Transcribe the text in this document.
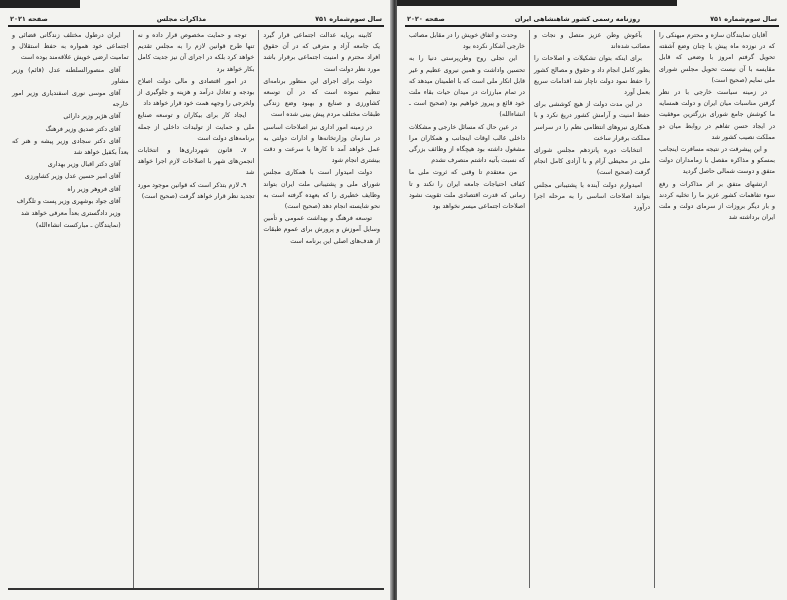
سال سوم‌شماره ۷۵۱
مذاکرات مجلس
صفحه ۲۰۲۱

کابینه برپایه عدالت اجتماعی قرار گیرد یک جامعه آزاد و مترقی که در آن حقوق افراد محترم و امنیت اجتماعی برقرار باشد مورد نظر دولت است

دولت برای اجرای این منظور برنامه‌ای تنظیم نموده است که در آن توسعه کشاورزی و صنایع و بهبود وضع زندگی طبقات مختلف مردم پیش بینی شده است

در زمینه امور اداری نیز اصلاحات اساسی در سازمان وزارتخانه‌ها و ادارات دولتی به عمل خواهد آمد تا کارها با سرعت و دقت بیشتری انجام شود

دولت امیدوار است با همکاری مجلس شورای ملی و پشتیبانی ملت ایران بتواند وظایف خطیری را که بعهده گرفته است به نحو شایسته انجام دهد (صحیح است)

توسعه فرهنگ و بهداشت عمومی و تأمین وسایل آموزش و پرورش برای عموم طبقات از هدف‌های اصلی این برنامه است

توجه و حمایت مخصوص قرار داده و نه تنها طرح قوانین لازم را به مجلس تقدیم خواهد کرد بلکه در اجرای آن نیز جدیت کامل بکار خواهد برد

در امور اقتصادی و مالی دولت اصلاح بودجه و تعادل درآمد و هزینه و جلوگیری از ولخرجی را وجهه همت خود قرار خواهد داد

ایجاد کار برای بیکاران و توسعه صنایع ملی و حمایت از تولیدات داخلی از جمله برنامه‌های دولت است

۷ـ قانون شهرداری‌ها و انتخابات انجمن‌های شهر با اصلاحات لازم اجرا خواهد شد

۹ـ لازم بتذکر است که قوانین موجود مورد تجدید نظر قرار خواهد گرفت (صحیح است)

ایران درطول مختلف زندگانی قضائی و اجتماعی خود همواره به حفظ استقلال و تمامیت ارضی خویش علاقه‌مند بوده است

آقای منصورالسلطنه عدل (قائم) وزیر مشاور

آقای موسی نوری اسفندیاری وزیر امور خارجه

آقای هژیر وزیر دارائی

آقای دکتر صدیق وزیر فرهنگ

آقای دکتر سجادی وزیر پیشه و هنر که بعداً بکفیل خواهد شد

آقای دکتر اقبال وزیر بهداری

آقای امیر حسین عدل وزیر کشاورزی

آقای فروهر وزیر راه

آقای جواد بوشهری وزیر پست و تلگراف

وزیر دادگستری بعداً معرفی خواهد شد

(نمایندگان ـ مبارکست انشاءالله)

سال سوم‌شماره ۷۵۱
روزنامه رسمی کشور شاهنشاهی ایران
صفحه ۲۰۲۰

آقایان نمایندگان سازه و محترم میهنکی را که در نوزده ماه پیش با چنان وضع آشفته تحویل گرفتم امروز با وضعی که قابل مقایسه با آن نیست تحویل مجلس شورای ملی نمایم (صحیح است)

در زمینه سیاست خارجی با در نظر گرفتن مناسبات میان ایران و دولت همسایه ما کوشش جامع شورای بزرگترین موفقیت در ایجاد حسن تفاهم در روابط میان دو مملکت نصیب کشور شد

و این پیشرفت در نتیجه مسافرت اینجانب بمسکو و مذاکره مفصل با زمامداران دولت متفق و دوست شمالی حاصل گردید

ارتشهای متفق بر اثر مذاکرات و رفع سوء تفاهمات کشور عزیز ما را تخلیه کردند و بار دیگر بروزات از سرمای دولت و ملت ایران برداشته شد

بآغوش وطن عزیز متصل و نجات و مصائب شده‌اند

برای اینکه بتوان تشکیلات و اصلاحات را بطور کامل انجام داد و حقوق و مصالح کشور را حفظ نمود دولت ناچار شد اقدامات سریع بعمل آورد

در این مدت دولت از هیچ کوششی برای حفظ امنیت و آرامش کشور دریغ نکرد و با همکاری نیروهای انتظامی نظم را در سراسر مملکت برقرار ساخت

انتخابات دوره پانزدهم مجلس شورای ملی در محیطی آرام و با آزادی کامل انجام گرفت (صحیح است)

امیدوارم دولت آینده با پشتیبانی مجلس بتواند اصلاحات اساسی را به مرحله اجرا درآورد

وحدت و اتفاق خویش را در مقابل مصائب خارجی آشکار نکرده بود

این تجلی روح وطن‌پرستی دنیا را به تحسین واداشت و همین نیروی عظیم و غیر قابل انکار ملی است که با اطمینان میدهد که در تمام مبارزات در میدان حیات بقاء ملت خود قائع و پیروز خواهیم بود (صحیح است ـ انشاءالله)

در عین حال که مسائل خارجی و مشکلات داخلی غالب اوقات اینجانب و همکاران مرا مشغول داشته بود هیچگاه از وظائف بزرگی که نسبت بآتیه داشتم منصرف نشدم

من معتقدم تا وقتی که ثروت ملی ما کفاف احتیاجات جامعه ایران را نکند و تا زمانی که قدرت اقتصادی ملت تقویت نشود اصلاحات اجتماعی میسر نخواهد بود
